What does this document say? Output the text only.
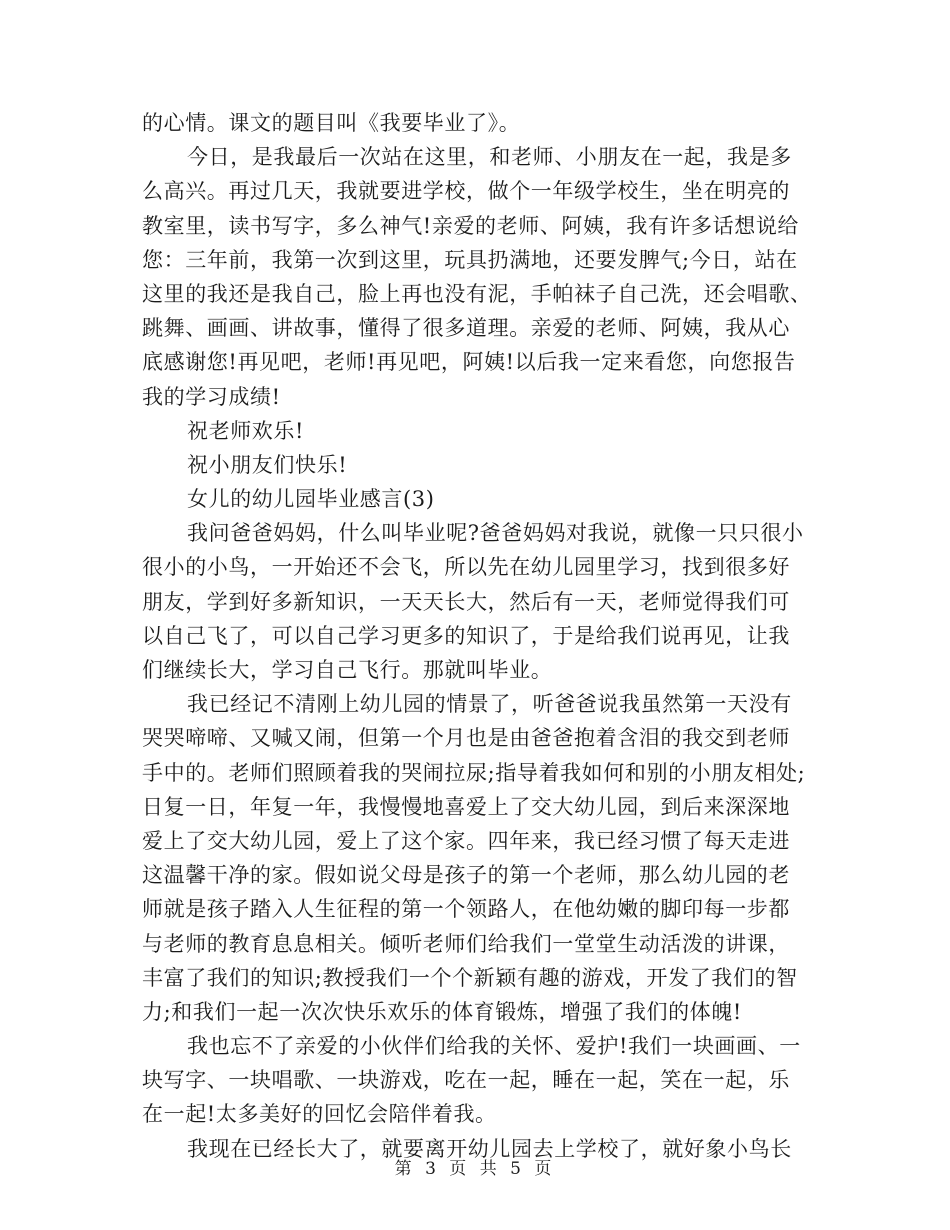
的心情。课文的题目叫《我要毕业了》。
今日，是我最后一次站在这里，和老师、小朋友在一起，我是多
么高兴。再过几天，我就要进学校，做个一年级学校生，坐在明亮的
教室里，读书写字，多么神气!亲爱的老师、阿姨，我有许多话想说给
您：三年前，我第一次到这里，玩具扔满地，还要发脾气;今日，站在
这里的我还是我自己，脸上再也没有泥，手帕袜子自己洗，还会唱歌、
跳舞、画画、讲故事，懂得了很多道理。亲爱的老师、阿姨，我从心
底感谢您!再见吧，老师!再见吧，阿姨!以后我一定来看您，向您报告
我的学习成绩!
祝老师欢乐!
祝小朋友们快乐!
女儿的幼儿园毕业感言(3)
我问爸爸妈妈，什么叫毕业呢?爸爸妈妈对我说，就像一只只很小
很小的小鸟，一开始还不会飞，所以先在幼儿园里学习，找到很多好
朋友，学到好多新知识，一天天长大，然后有一天，老师觉得我们可
以自己飞了，可以自己学习更多的知识了，于是给我们说再见，让我
们继续长大，学习自己飞行。那就叫毕业。
我已经记不清刚上幼儿园的情景了，听爸爸说我虽然第一天没有
哭哭啼啼、又喊又闹，但第一个月也是由爸爸抱着含泪的我交到老师
手中的。老师们照顾着我的哭闹拉尿;指导着我如何和别的小朋友相处;
日复一日，年复一年，我慢慢地喜爱上了交大幼儿园，到后来深深地
爱上了交大幼儿园，爱上了这个家。四年来，我已经习惯了每天走进
这温馨干净的家。假如说父母是孩子的第一个老师，那么幼儿园的老
师就是孩子踏入人生征程的第一个领路人，在他幼嫩的脚印每一步都
与老师的教育息息相关。倾听老师们给我们一堂堂生动活泼的讲课，
丰富了我们的知识;教授我们一个个新颖有趣的游戏，开发了我们的智
力;和我们一起一次次快乐欢乐的体育锻炼，增强了我们的体魄!
我也忘不了亲爱的小伙伴们给我的关怀、爱护!我们一块画画、一
块写字、一块唱歌、一块游戏，吃在一起，睡在一起，笑在一起，乐
在一起!太多美好的回忆会陪伴着我。
我现在已经长大了，就要离开幼儿园去上学校了，就好象小鸟长
第 3 页 共 5 页
